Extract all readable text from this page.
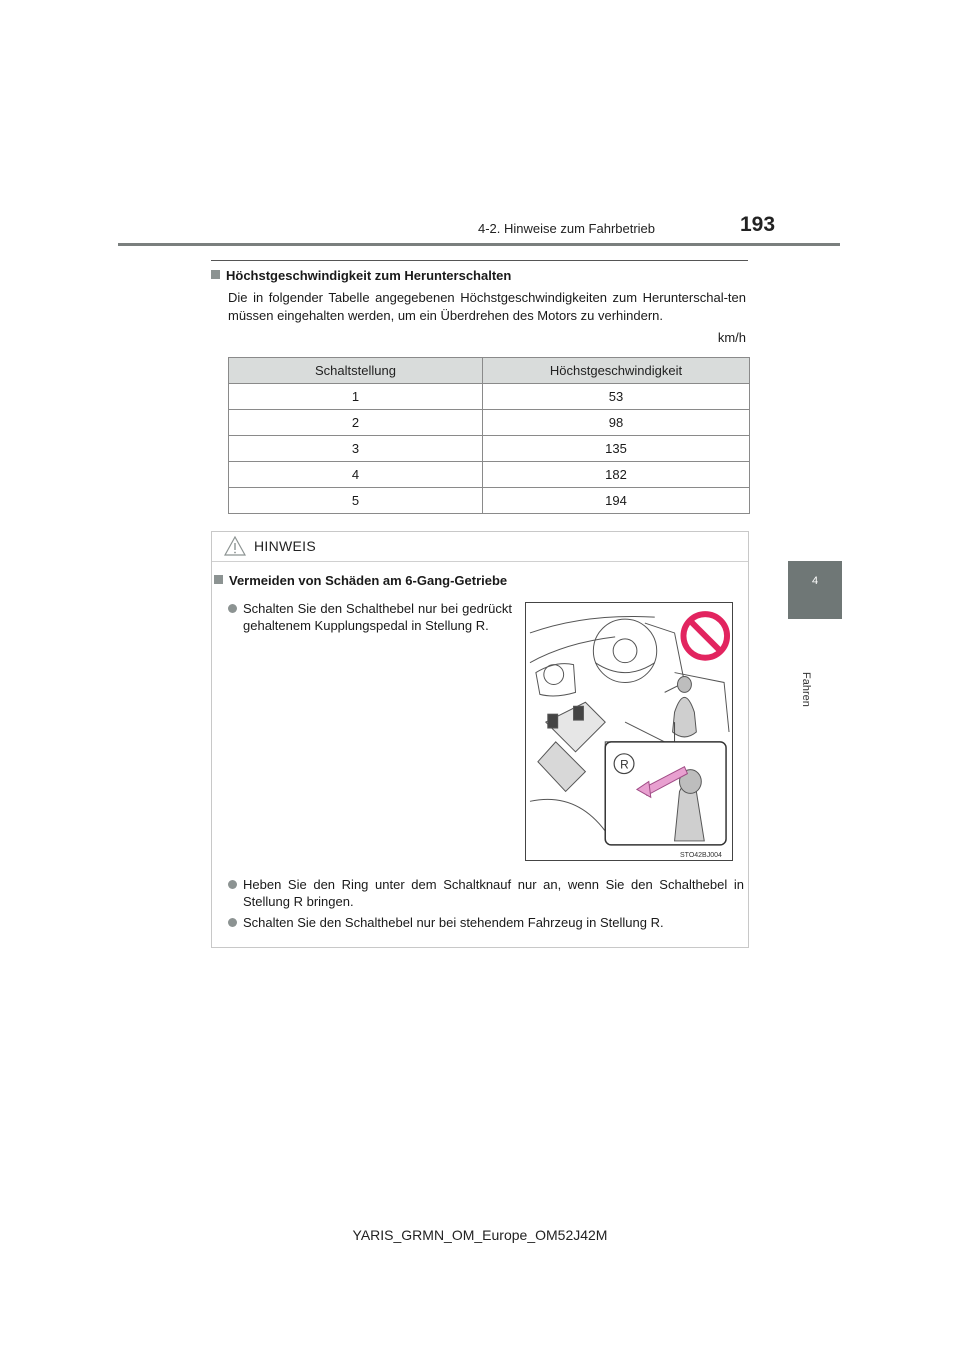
4-2. Hinweise zum Fahrbetrieb	193
4
Fahren
Höchstgeschwindigkeit zum Herunterschalten
Die in folgender Tabelle angegebenen Höchstgeschwindigkeiten zum Herunterschal-ten müssen eingehalten werden, um ein Überdrehen des Motors zu verhindern.
km/h
Schaltstellung	Höchstgeschwindigkeit
1	53
2	98
3	135
4	182
5	194
HINWEIS
Vermeiden von Schäden am 6-Gang-Getriebe
Schalten Sie den Schalthebel nur bei gedrückt gehaltenem Kupplungspedal in Stellung R.
Heben Sie den Ring unter dem Schaltknauf nur an, wenn Sie den Schalthebel in Stellung R bringen.
Schalten Sie den Schalthebel nur bei stehendem Fahrzeug in Stellung R.
R
STO42BJ004
YARIS_GRMN_OM_Europe_OM52J42M
